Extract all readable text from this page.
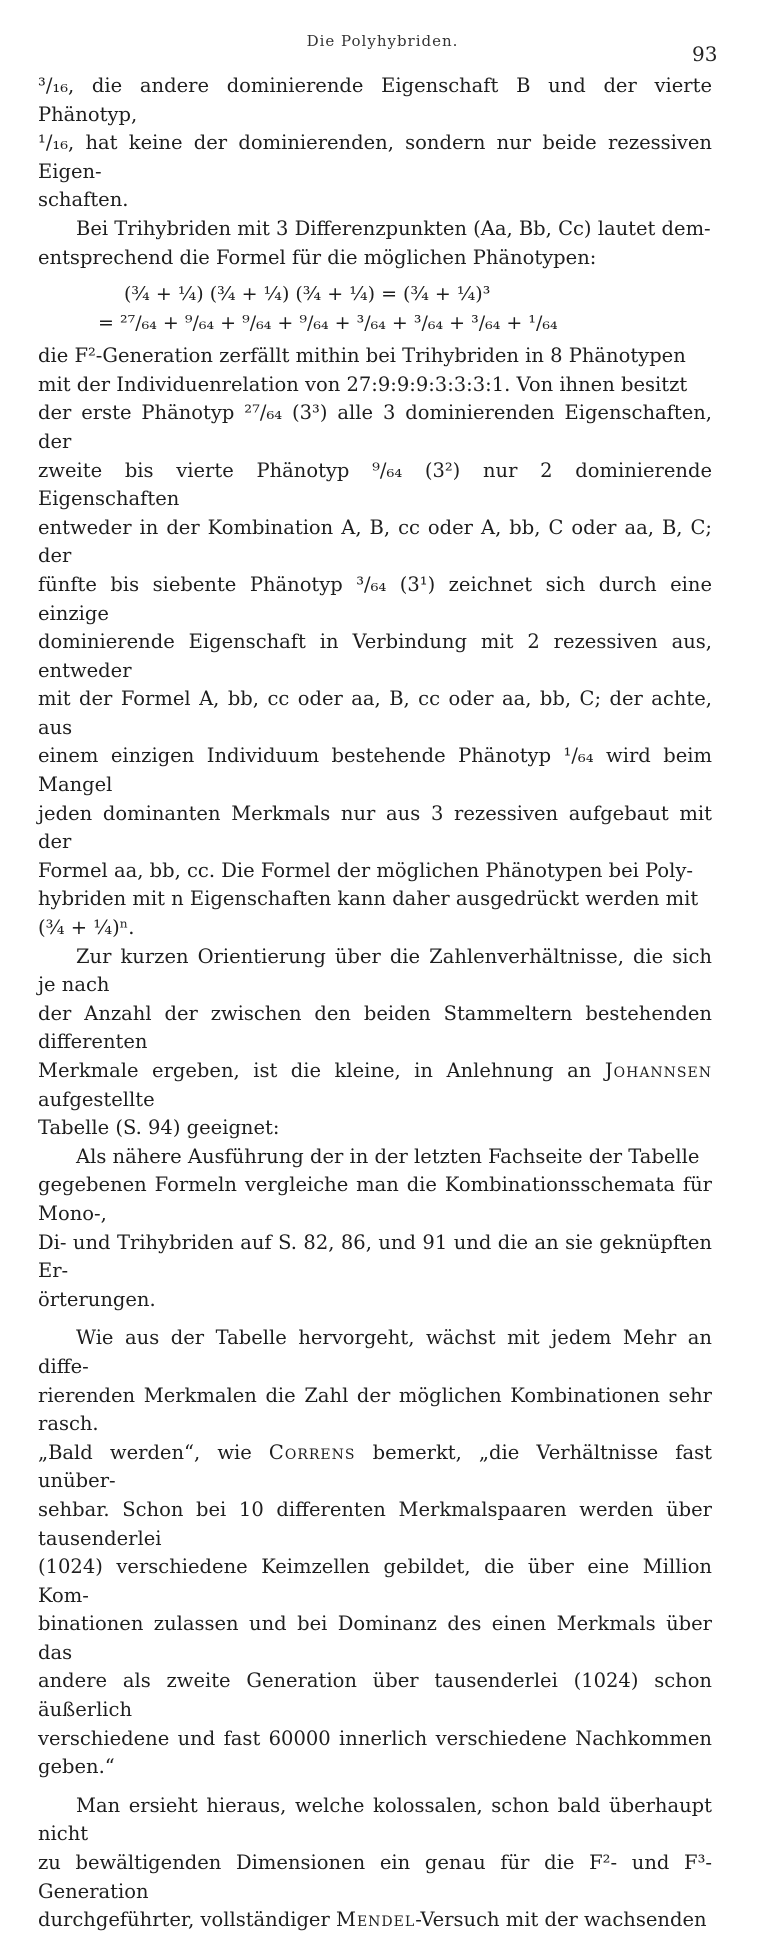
Die Polyhybriden.
93
³/₁₆, die andere dominierende Eigenschaft B und der vierte Phänotyp,
¹/₁₆, hat keine der dominierenden, sondern nur beide rezessiven Eigen-
schaften.
Bei Trihybriden mit 3 Differenzpunkten (Aa, Bb, Cc) lautet dem-
entsprechend die Formel für die möglichen Phänotypen:
(¾ + ¼) (¾ + ¼) (¾ + ¼) = (¾ + ¼)³
= ²⁷/₆₄ + ⁹/₆₄ + ⁹/₆₄ + ⁹/₆₄ + ³/₆₄ + ³/₆₄ + ³/₆₄ + ¹/₆₄
die F²-Generation zerfällt mithin bei Trihybriden in 8 Phänotypen
mit der Individuenrelation von 27:9:9:9:3:3:3:1. Von ihnen besitzt
der erste Phänotyp ²⁷/₆₄ (3³) alle 3 dominierenden Eigenschaften, der
zweite bis vierte Phänotyp ⁹/₆₄ (3²) nur 2 dominierende Eigenschaften
entweder in der Kombination A, B, cc oder A, bb, C oder aa, B, C; der
fünfte bis siebente Phänotyp ³/₆₄ (3¹) zeichnet sich durch eine einzige
dominierende Eigenschaft in Verbindung mit 2 rezessiven aus, entweder
mit der Formel A, bb, cc oder aa, B, cc oder aa, bb, C; der achte, aus
einem einzigen Individuum bestehende Phänotyp ¹/₆₄ wird beim Mangel
jeden dominanten Merkmals nur aus 3 rezessiven aufgebaut mit der
Formel aa, bb, cc. Die Formel der möglichen Phänotypen bei Poly-
hybriden mit n Eigenschaften kann daher ausgedrückt werden mit
(¾ + ¼)ⁿ.
Zur kurzen Orientierung über die Zahlenverhältnisse, die sich je nach
der Anzahl der zwischen den beiden Stammeltern bestehenden differenten
Merkmale ergeben, ist die kleine, in Anlehnung an Johannsen aufgestellte
Tabelle (S. 94) geeignet:
Als nähere Ausführung der in der letzten Fachseite der Tabelle
gegebenen Formeln vergleiche man die Kombinationsschemata für Mono-,
Di- und Trihybriden auf S. 82, 86, und 91 und die an sie geknüpften Er-
örterungen.
Wie aus der Tabelle hervorgeht, wächst mit jedem Mehr an diffe-
rierenden Merkmalen die Zahl der möglichen Kombinationen sehr rasch.
„Bald werden“, wie Correns bemerkt, „die Verhältnisse fast unüber-
sehbar. Schon bei 10 differenten Merkmalspaaren werden über tausenderlei
(1024) verschiedene Keimzellen gebildet, die über eine Million Kom-
binationen zulassen und bei Dominanz des einen Merkmals über das
andere als zweite Generation über tausenderlei (1024) schon äußerlich
verschiedene und fast 60000 innerlich verschiedene Nachkommen geben.“
Man ersieht hieraus, welche kolossalen, schon bald überhaupt nicht
zu bewältigenden Dimensionen ein genau für die F²- und F³-Generation
durchgeführter, vollständiger Mendel-Versuch mit der wachsenden
